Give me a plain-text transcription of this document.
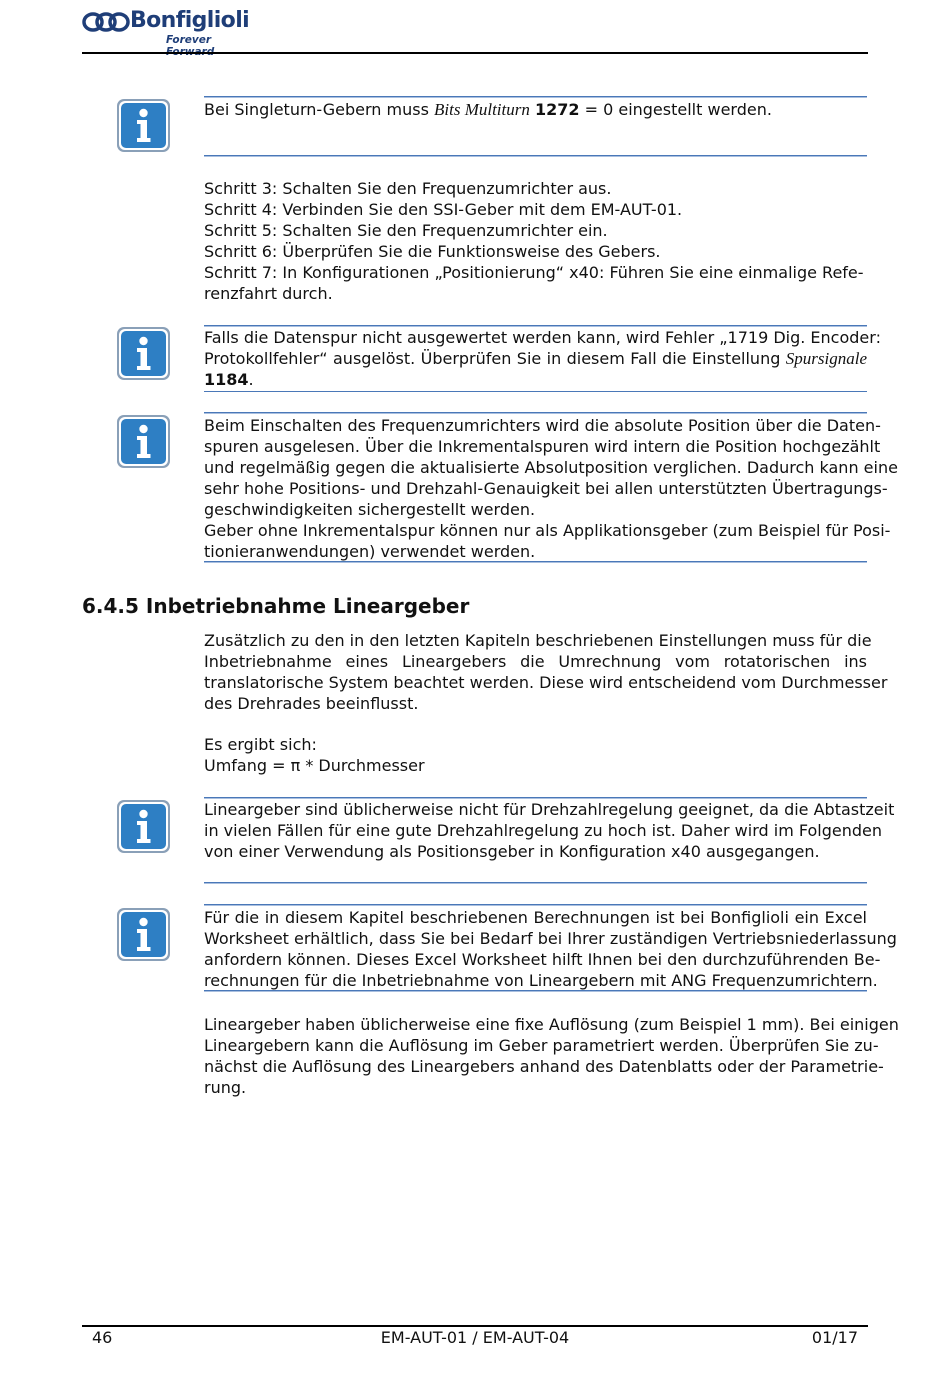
Bonfiglioli
Forever
Bei Singleturn-Gebern muss Bits Multiturn 1272 = 0 eingestellt werden.
Schritt 3: Schalten Sie den Frequenzumrichter aus.
Schritt 4: Verbinden Sie den SSI-Geber mit dem EM-AUT-01.
Schritt 5: Schalten Sie den Frequenzumrichter ein.
Schritt 6: Überprüfen Sie die Funktionsweise des Gebers.
Schritt 7: In Konfigurationen „Positionierung“ x40: Führen Sie eine einmalige Refe-
renzfahrt durch.
Falls die Datenspur nicht ausgewertet werden kann, wird Fehler „1719 Dig. Encoder:
Protokollfehler“ ausgelöst. Überprüfen Sie in diesem Fall die Einstellung Spursignale
1184.
Beim Einschalten des Frequenzumrichters wird die absolute Position über die Daten-
spuren ausgelesen. Über die Inkrementalspuren wird intern die Position hochgezählt
und regelmäßig gegen die aktualisierte Absolutposition verglichen. Dadurch kann eine
sehr hohe Positions- und Drehzahl-Genauigkeit bei allen unterstützten Übertragungs-
geschwindigkeiten sichergestellt werden.
Geber ohne Inkrementalspur können nur als Applikationsgeber (zum Beispiel für Posi-
tionieranwendungen) verwendet werden.
6.4.5 Inbetriebnahme Lineargeber
Zusätzlich zu den in den letzten Kapiteln beschriebenen Einstellungen muss für die
Inbetriebnahme eines Lineargebers die Umrechnung vom rotatorischen ins
translatorische System beachtet werden. Diese wird entscheidend vom Durchmesser
des Drehrades beeinflusst.
Es ergibt sich:
Umfang = π * Durchmesser
Lineargeber sind üblicherweise nicht für Drehzahlregelung geeignet, da die Abtastzeit
in vielen Fällen für eine gute Drehzahlregelung zu hoch ist. Daher wird im Folgenden
von einer Verwendung als Positionsgeber in Konfiguration x40 ausgegangen.
Für die in diesem Kapitel beschriebenen Berechnungen ist bei Bonfiglioli ein Excel
Worksheet erhältlich, dass Sie bei Bedarf bei Ihrer zuständigen Vertriebsniederlassung
anfordern können. Dieses Excel Worksheet hilft Ihnen bei den durchzuführenden Be-
rechnungen für die Inbetriebnahme von Lineargebern mit ANG Frequenzumrichtern.
Lineargeber haben üblicherweise eine fixe Auflösung (zum Beispiel 1 mm). Bei einigen
Lineargebern kann die Auflösung im Geber parametriert werden. Überprüfen Sie zu-
nächst die Auflösung des Lineargebers anhand des Datenblatts oder der Parametrie-
rung.
46	EM-AUT-01 / EM-AUT-04	01/17
